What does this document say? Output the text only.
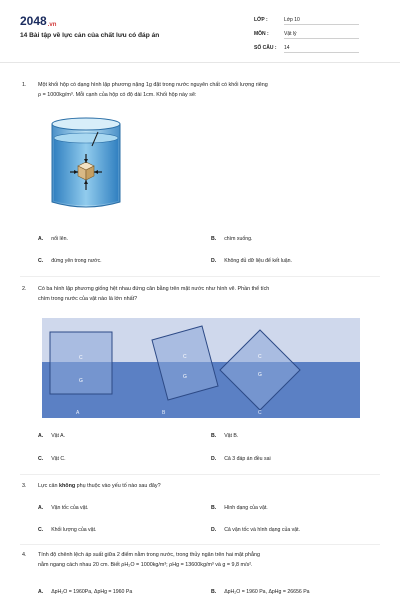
2048.vn
14 Bài tập về lực cản của chất lưu có đáp án
LỚP :	Lớp 10
MÔN :	Vật lý
SỐ CÂU : 14
1. Một khối hộp có dạng hình lập phương nặng 1g đặt trong nước nguyên chất có khối lượng riêng
ρ = 1000kg/m³. Mỗi cạnh của hộp có độ dài 1cm. Khối hộp này sẽ:
A. nổi lên.	B. chìm xuống.
C. đứng yên trong nước.	D. Không đủ dữ liệu để kết luận.
2. Có ba hình lập phương giống hệt nhau đứng cân bằng trên mặt nước như hình vẽ. Phần thể tích
chìm trong nước của vật nào là lớn nhất?
C
G
C
G
C
G
A	B	C
A. Vật A.	B. Vật B.
C. Vật C.	D. Cả 3 đáp án đều sai
3. Lực cản không phụ thuộc vào yếu tố nào sau đây?
A. Vận tốc của vật.	B. Hình dạng của vật.
C. Khối lượng của vật.	D. Cả vận tốc và hình dạng của vật.
4. Tính độ chênh lệch áp suất giữa 2 điểm nằm trong nước, trong thủy ngân trên hai mặt phẳng
nằm ngang cách nhau 20 cm. Biết ρH₂O = 1000kg/m³; ρHg = 13600kg/m³ và g = 9,8 m/s².
A. ΔpH₂O = 1960Pa, ΔpHg = 1960 Pa	B. ΔpH₂O = 1960 Pa, ΔpHg = 26656 Pa
